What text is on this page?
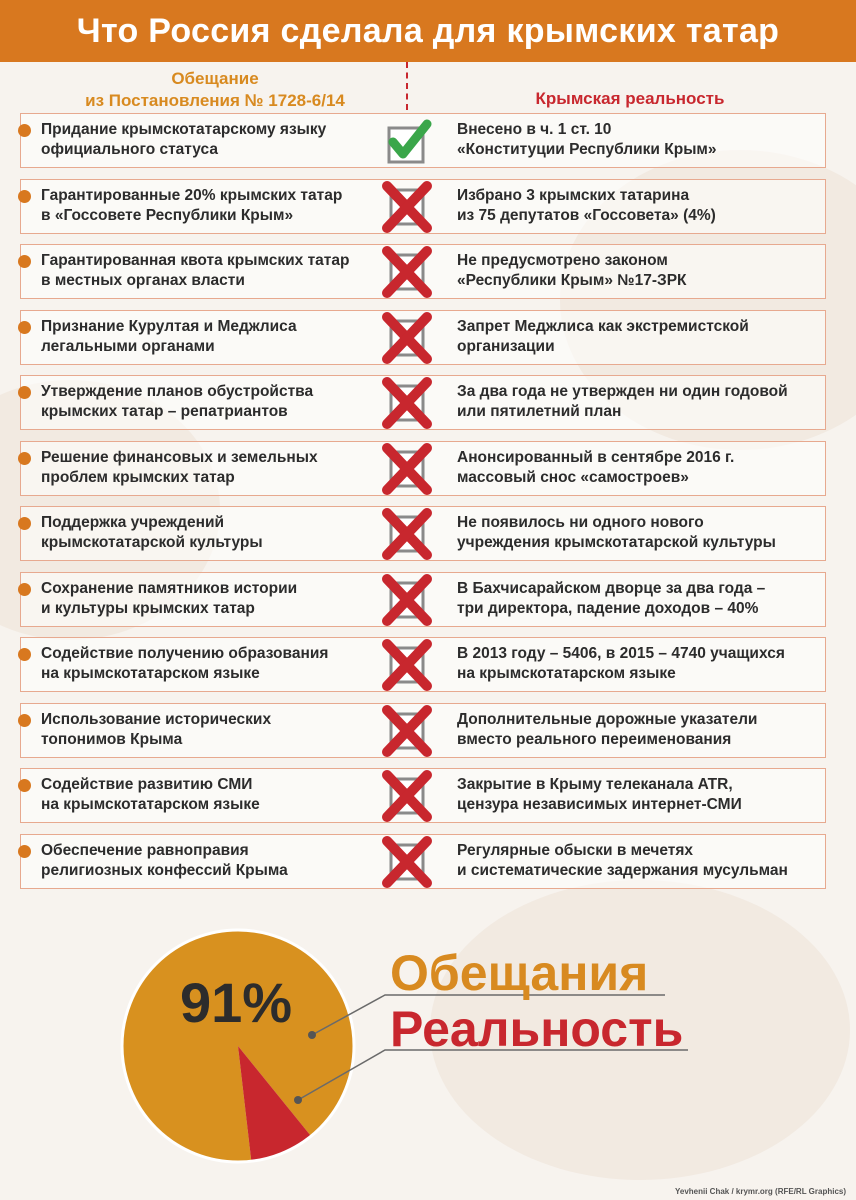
Что Россия сделала для крымских татар
Обещание
из Постановления № 1728-6/14	Крымская реальность
Придание крымскотатарскому языку
официального статуса
Внесено в ч. 1 ст. 10
«Конституции Республики Крым»
Гарантированные 20% крымских татар
в «Госсовете Республики Крым»
Избрано 3 крымских татарина
из 75 депутатов «Госсовета» (4%)
Гарантированная квота крымских татар
в местных органах власти
Не предусмотрено законом
«Республики Крым» №17-ЗРК
Признание Курултая и Меджлиса
легальными органами
Запрет Меджлиса как экстремистской
организации
Утверждение планов обустройства
крымских татар – репатриантов
За два года не утвержден ни один годовой
или пятилетний план
Решение финансовых и земельных
проблем крымских татар
Анонсированный в сентябре 2016 г.
массовый снос «самостроев»
Поддержка учреждений
крымскотатарской культуры
Не появилось ни одного нового
учреждения крымскотатарской культуры
Сохранение памятников истории
и культуры крымских татар
В Бахчисарайском дворце за два года –
три директора, падение доходов – 40%
Содействие получению образования
на крымскотатарском языке
В 2013 году – 5406, в 2015 – 4740 учащихся
на крымскотатарском языке
Использование исторических
топонимов Крыма
Дополнительные дорожные указатели
вместо реального переименования
Содействие развитию СМИ
на крымскотатарском языке
Закрытие в Крыму телеканала ATR,
цензура независимых интернет-СМИ
Обеспечение равноправия
религиозных конфессий Крыма
Регулярные обыски в мечетях
и систематические задержания мусульман
91% Обещания
Реальность
Yevhenii Chak / krymr.org (RFE/RL Graphics)
